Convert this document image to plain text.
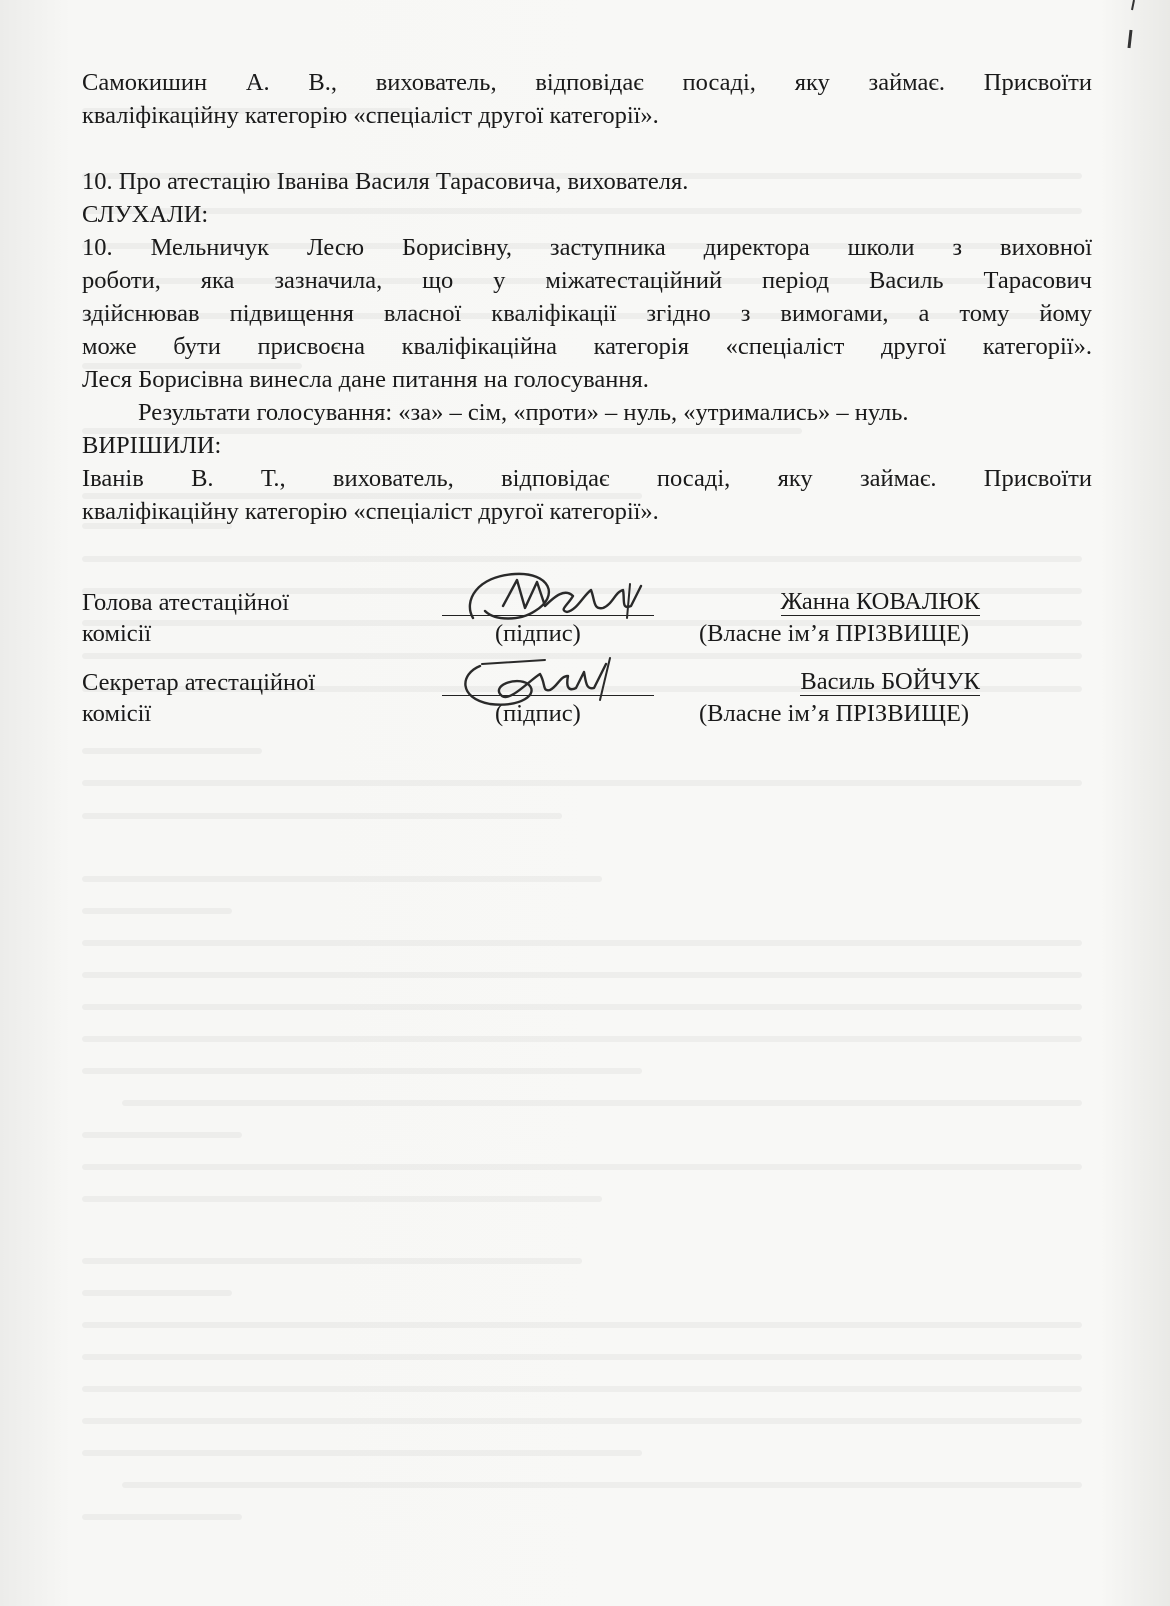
Самокишин А. В., вихователь, відповідає посаді, яку займає. Присвоїти

кваліфікаційну категорію «спеціаліст другої категорії».

10. Про атестацію Іваніва Василя Тарасовича, вихователя.

СЛУХАЛИ:

10. Мельничук Лесю Борисівну, заступника директора школи з виховної

роботи, яка зазначила, що у міжатестаційний період Василь Тарасович

здійснював підвищення власної кваліфікації згідно з вимогами, а тому йому

може бути присвоєна кваліфікаційна категорія «спеціаліст другої категорії».

Леся Борисівна винесла дане питання на голосування.

Результати голосування: «за» – сім, «проти» – нуль, «утримались» – нуль.

ВИРІШИЛИ:

Іванів В. Т., вихователь, відповідає посаді, яку займає. Присвоїти

кваліфікаційну категорію «спеціаліст другої категорії».

Голова атестаційної
комісії	(підпис)
Жанна КОВАЛЮК
(Власне ім’я ПРІЗВИЩЕ)
Секретар атестаційної
комісії	(підпис)
Василь БОЙЧУК
(Власне ім’я ПРІЗВИЩЕ)
